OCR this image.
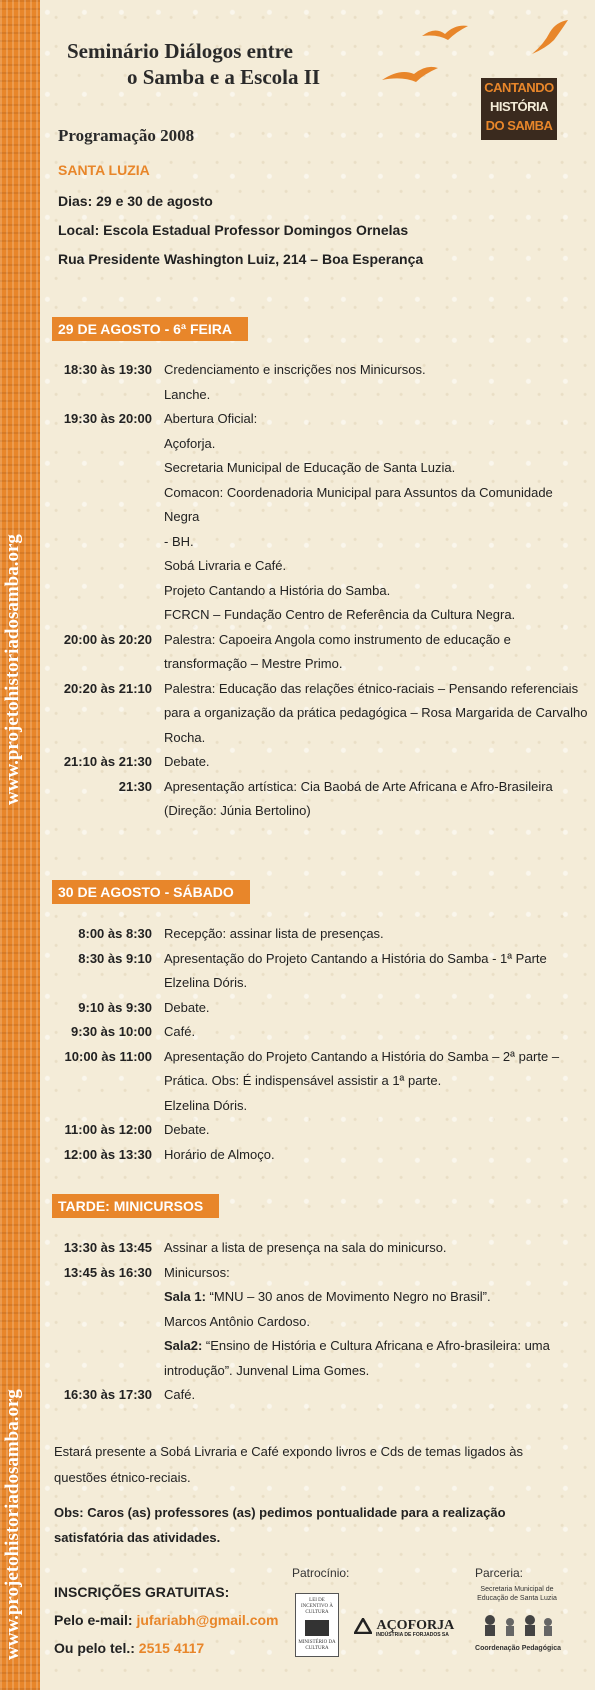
www.projetohistoriadosamba.org
www.projetohistoriadosamba.org
Seminário Diálogos entre
o Samba e a Escola II	CANTANDO
HISTÓRIA
DO SAMBA
Programação 2008
SANTA LUZIA
Dias: 29 e 30 de agosto
Local: Escola Estadual Professor Domingos Ornelas
Rua Presidente Washington Luiz, 214 – Boa Esperança
29 DE AGOSTO - 6ª FEIRA
18:30 às 19:30 Credenciamento e inscrições nos Minicursos.
Lanche.
19:30 às 20:00 Abertura Oficial:
Açoforja.
Secretaria Municipal de Educação de Santa Luzia.
Comacon: Coordenadoria Municipal para Assuntos da Comunidade Negra
- BH.
Sobá Livraria e Café.
Projeto Cantando a História do Samba.
FCRCN – Fundação Centro de Referência da Cultura Negra.
20:00 às 20:20 Palestra: Capoeira Angola como instrumento de educação e
transformação – Mestre Primo.
20:20 às 21:10 Palestra: Educação das relações étnico-raciais – Pensando referenciais
para a organização da prática pedagógica – Rosa Margarida de Carvalho
Rocha.
21:10 às 21:30 Debate.
21:30 Apresentação artística: Cia Baobá de Arte Africana e Afro-Brasileira
(Direção: Júnia Bertolino)
30 DE AGOSTO - SÁBADO
8:00 às 8:30 Recepção: assinar lista de presenças.
8:30 às 9:10 Apresentação do Projeto Cantando a História do Samba - 1ª Parte
Elzelina Dóris.
9:10 às 9:30 Debate.
9:30 às 10:00 Café.
10:00 às 11:00 Apresentação do Projeto Cantando a História do Samba – 2ª parte –
Prática. Obs: É indispensável assistir a 1ª parte.
Elzelina Dóris.
11:00 às 12:00 Debate.
12:00 às 13:30 Horário de Almoço.
TARDE: MINICURSOS
13:30 às 13:45 Assinar a lista de presença na sala do minicurso.
13:45 às 16:30 Minicursos:
Sala 1: “MNU – 30 anos de Movimento Negro no Brasil”.
Marcos Antônio Cardoso.
Sala2: “Ensino de História e Cultura Africana e Afro-brasileira: uma
introdução”. Junvenal Lima Gomes.
16:30 às 17:30 Café.
Estará presente a Sobá Livraria e Café expondo livros e Cds de temas ligados às
questões étnico-reciais.
Obs: Caros (as) professores (as) pedimos pontualidade para a realização
satisfatória das atividades.
INSCRIÇÕES GRATUITAS:
Pelo e-mail: jufariabh@gmail.com
Ou pelo tel.: 2515 4117
Patrocínio:
LEI DE INCENTIVO À CULTURA
MINISTÉRIO DA CULTURA
AÇOFORJA
INDÚSTRIA DE FORJADOS SA
Parceria:
Secretaria Municipal de
Educação de Santa Luzia
Coordenação Pedagógica
